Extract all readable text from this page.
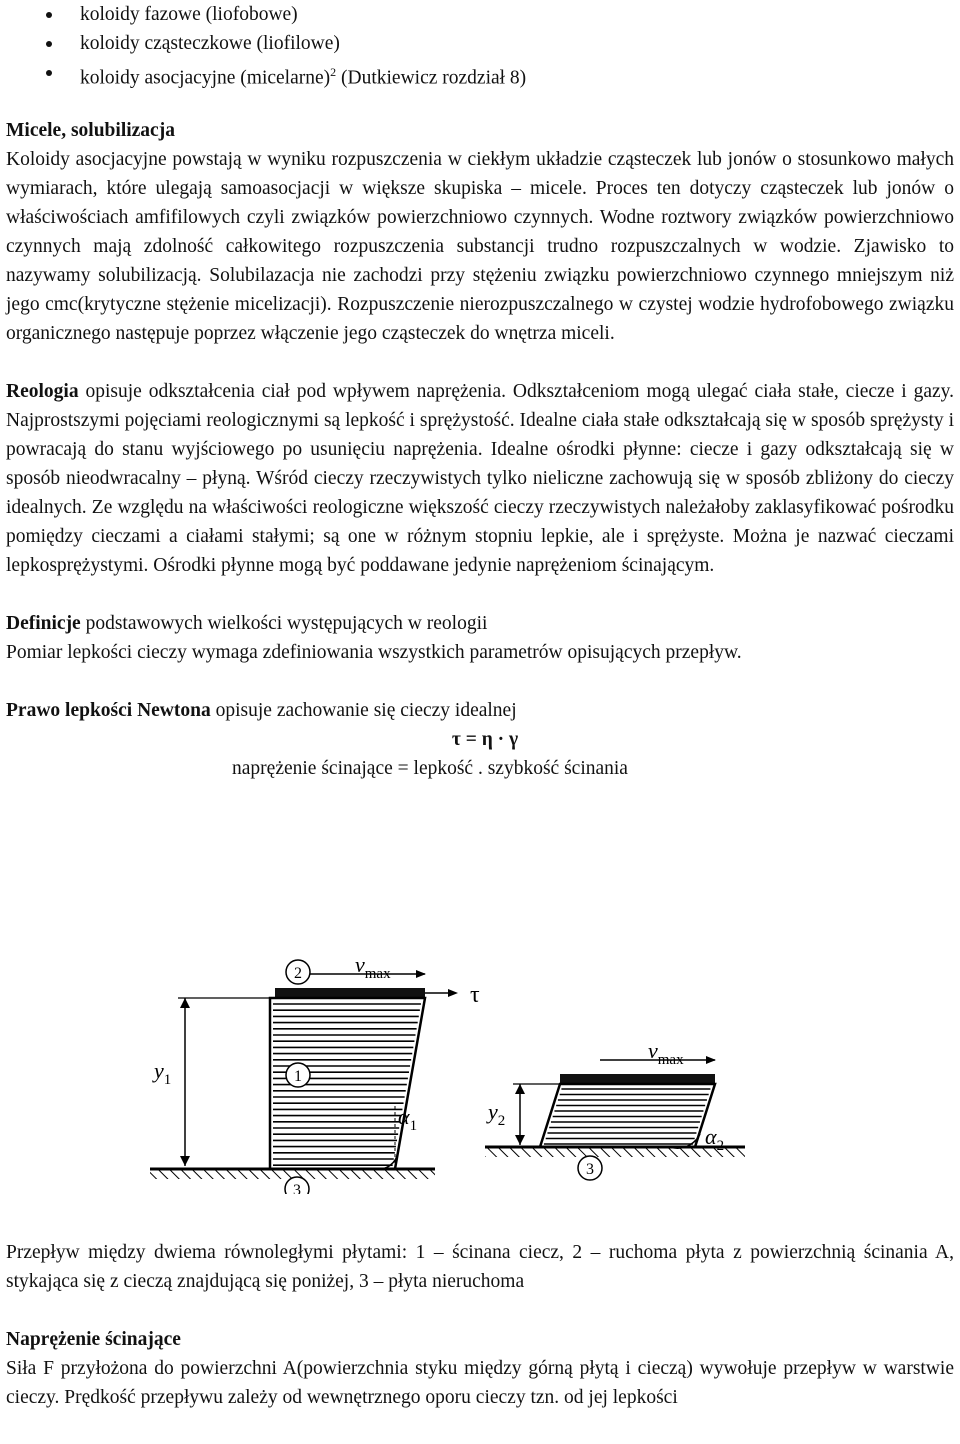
koloidy fazowe (liofobowe)
koloidy cząsteczkowe (liofilowe)
koloidy asocjacyjne (micelarne)$^2$ (Dutkiewicz rozdział 8)

Micele, solubilizacja

Koloidy asocjacyjne powstają w wyniku rozpuszczenia w ciekłym układzie cząsteczek lub jonów o stosunkowo małych wymiarach, które ulegają samoasocjacji w większe skupiska – micele. Proces ten dotyczy cząsteczek lub jonów o właściwościach amfifilowych czyli związków powierzchniowo czynnych. Wodne roztwory związków powierzchniowo czynnych mają zdolność całkowitego rozpuszczenia substancji trudno rozpuszczalnych w wodzie. Zjawisko to nazywamy solubilizacją. Solubilazacja nie zachodzi przy stężeniu związku powierzchniowo czynnego mniejszym niż jego cmc(krytyczne stężenie micelizacji). Rozpuszczenie nierozpuszczalnego w czystej wodzie hydrofobowego związku organicznego następuje poprzez włączenie jego cząsteczek do wnętrza miceli.

Reologia opisuje odkształcenia ciał pod wpływem naprężenia. Odkształceniom mogą ulegać ciała stałe, ciecze i gazy. Najprostszymi pojęciami reologicznymi są lepkość i sprężystość. Idealne ciała stałe odkształcają się w sposób sprężysty i powracają do stanu wyjściowego po usunięciu naprężenia. Idealne ośrodki płynne: ciecze i gazy odkształcają się w sposób nieodwracalny – płyną. Wśród cieczy rzeczywistych tylko nieliczne zachowują się w sposób zbliżony do cieczy idealnych. Ze względu na właściwości reologiczne większość cieczy rzeczywistych należałoby zaklasyfikować pośrodku pomiędzy cieczami a ciałami stałymi; są one w różnym stopniu lepkie, ale i sprężyste. Można je nazwać cieczami lepkosprężystymi. Ośrodki płynne mogą być poddawane jedynie naprężeniom ścinającym.

Definicje podstawowych wielkości występujących w reologii

Pomiar lepkości cieczy wymaga zdefiniowania wszystkich parametrów opisujących przepływ.

Prawo lepkości Newtona opisuje zachowanie się cieczy idealnej

τ = η · γ
naprężenie ścinające = lepkość . szybkość ścinania
2
1
3
3
$v_{max}$
$v_{max}$
τ
$y_1$
$y_2$
$\alpha_1$	$\alpha_2$

Przepływ między dwiema równoległymi płytami: 1 – ścinana ciecz, 2 – ruchoma płyta z powierzchnią ścinania A, stykająca się z cieczą znajdującą się poniżej, 3 – płyta nieruchoma

Naprężenie ścinające

Siła F przyłożona do powierzchni A(powierzchnia styku między górną płytą i cieczą) wywołuje przepływ w warstwie cieczy. Prędkość przepływu zależy od wewnętrznego oporu cieczy tzn. od jej lepkości
